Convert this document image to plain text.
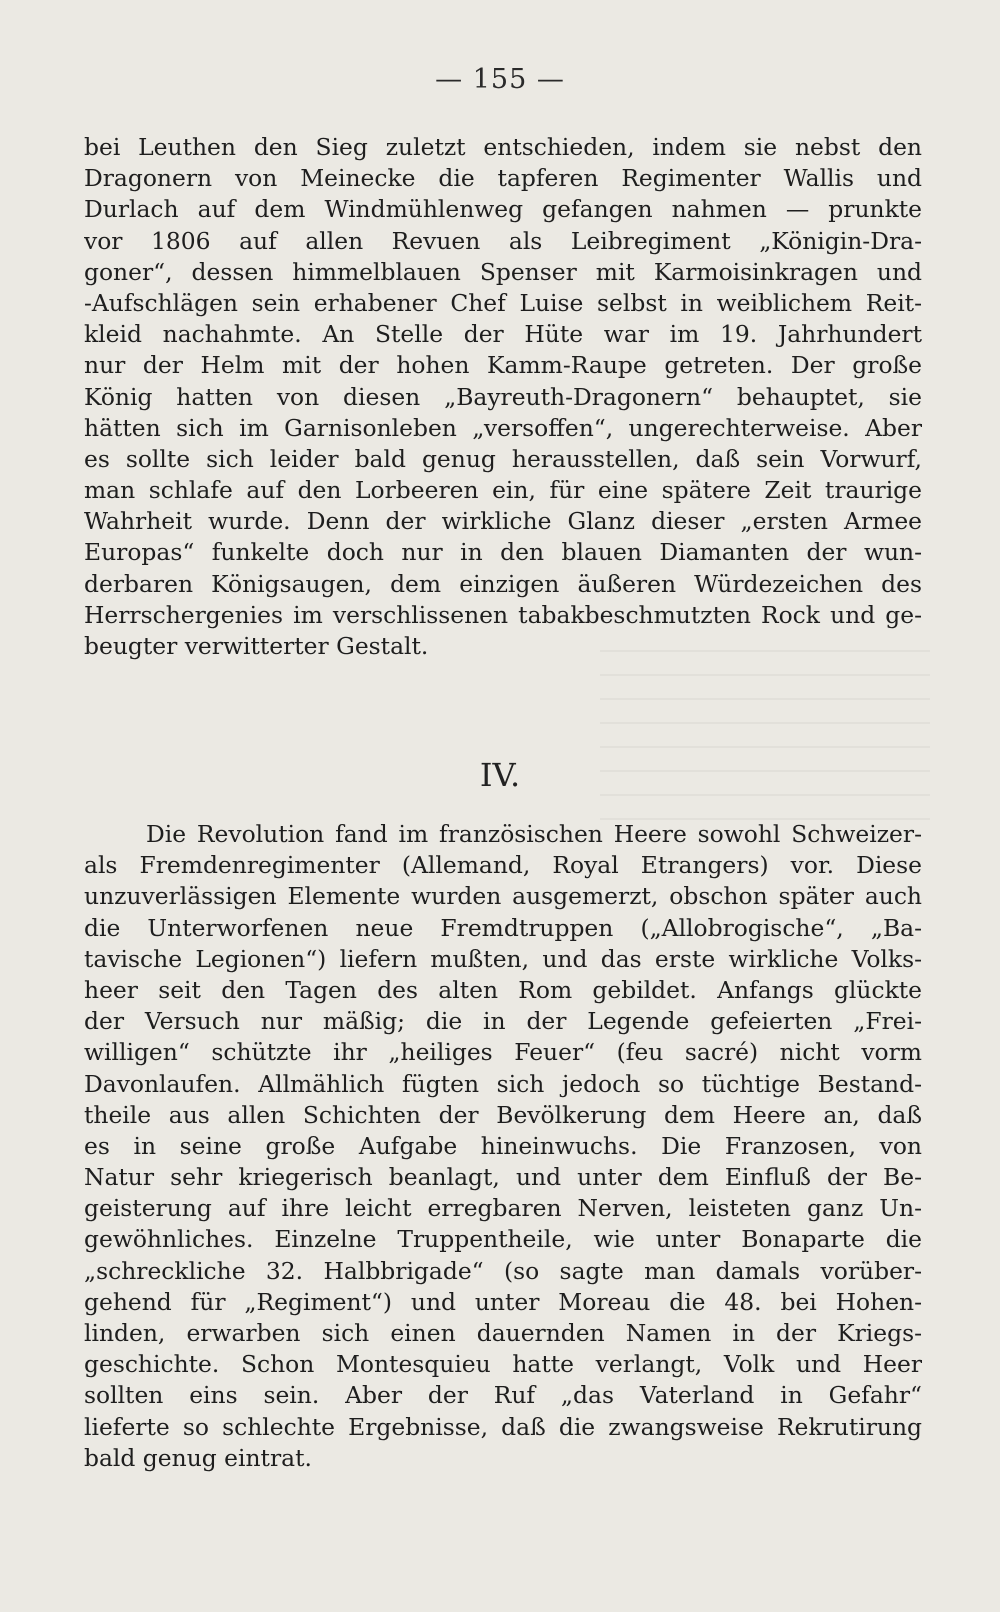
— 155 —
bei Leuthen den Sieg zuletzt entschieden, indem sie nebst den
Dragonern von Meinecke die tapferen Regimenter Wallis und
Durlach auf dem Windmühlenweg gefangen nahmen — prunkte
vor 1806 auf allen Revuen als Leibregiment „Königin-Dra-
goner“, dessen himmelblauen Spenser mit Karmoisinkragen und
-Aufschlägen sein erhabener Chef Luise selbst in weiblichem Reit-
kleid nachahmte. An Stelle der Hüte war im 19. Jahrhundert
nur der Helm mit der hohen Kamm-Raupe getreten. Der große
König hatten von diesen „Bayreuth-Dragonern“ behauptet, sie
hätten sich im Garnisonleben „versoffen“, ungerechterweise. Aber
es sollte sich leider bald genug herausstellen, daß sein Vorwurf,
man schlafe auf den Lorbeeren ein, für eine spätere Zeit traurige
Wahrheit wurde. Denn der wirkliche Glanz dieser „ersten Armee
Europas“ funkelte doch nur in den blauen Diamanten der wun-
derbaren Königsaugen, dem einzigen äußeren Würdezeichen des
Herrschergenies im verschlissenen tabakbeschmutzten Rock und ge-
beugter verwitterter Gestalt.
IV.
Die Revolution fand im französischen Heere sowohl Schweizer-
als Fremdenregimenter (Allemand, Royal Etrangers) vor. Diese
unzuverlässigen Elemente wurden ausgemerzt, obschon später auch
die Unterworfenen neue Fremdtruppen („Allobrogische“, „Ba-
tavische Legionen“) liefern mußten, und das erste wirkliche Volks-
heer seit den Tagen des alten Rom gebildet. Anfangs glückte
der Versuch nur mäßig; die in der Legende gefeierten „Frei-
willigen“ schützte ihr „heiliges Feuer“ (feu sacré) nicht vorm
Davonlaufen. Allmählich fügten sich jedoch so tüchtige Bestand-
theile aus allen Schichten der Bevölkerung dem Heere an, daß
es in seine große Aufgabe hineinwuchs. Die Franzosen, von
Natur sehr kriegerisch beanlagt, und unter dem Einfluß der Be-
geisterung auf ihre leicht erregbaren Nerven, leisteten ganz Un-
gewöhnliches. Einzelne Truppentheile, wie unter Bonaparte die
„schreckliche 32. Halbbrigade“ (so sagte man damals vorüber-
gehend für „Regiment“) und unter Moreau die 48. bei Hohen-
linden, erwarben sich einen dauernden Namen in der Kriegs-
geschichte. Schon Montesquieu hatte verlangt, Volk und Heer
sollten eins sein. Aber der Ruf „das Vaterland in Gefahr“
lieferte so schlechte Ergebnisse, daß die zwangsweise Rekrutirung
bald genug eintrat.
